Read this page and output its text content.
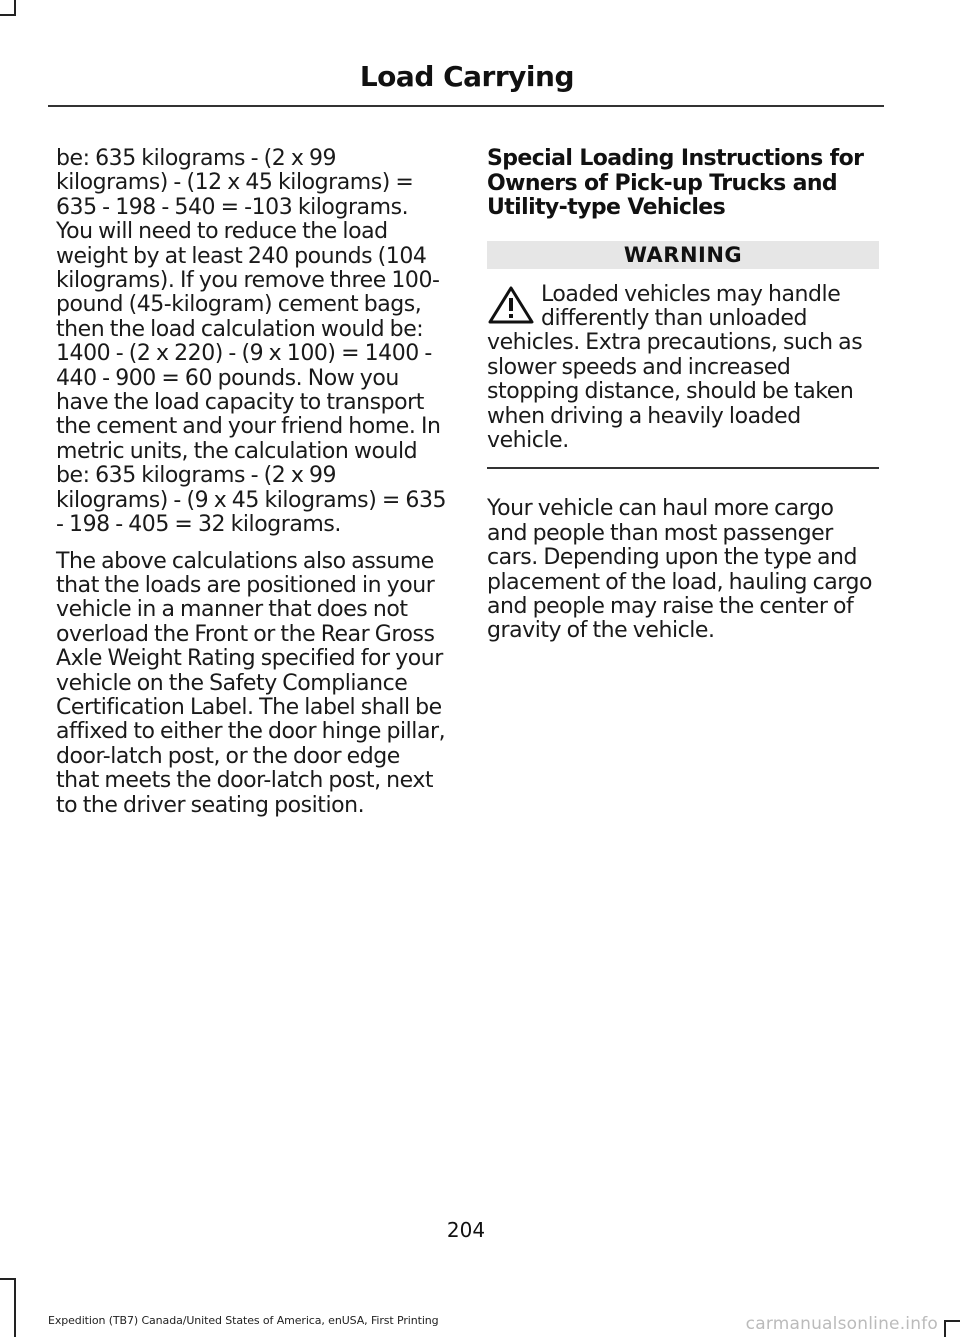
Load Carrying

be: 635 kilograms - (2 x 99 kilograms) - (12 x 45 kilograms) = 635 - 198 - 540 = -103 kilograms. You will need to reduce the load weight by at least 240 pounds (104 kilograms). If you remove three 100-pound (45-kilogram) cement bags, then the load calculation would be: 1400 - (2 x 220) - (9 x 100) = 1400 - 440 - 900 = 60 pounds. Now you have the load capacity to transport the cement and your friend home. In metric units, the calculation would be: 635 kilograms - (2 x 99 kilograms) - (9 x 45 kilograms) = 635 - 198 - 405 = 32 kilograms.

The above calculations also assume that the loads are positioned in your vehicle in a manner that does not overload the Front or the Rear Gross Axle Weight Rating specified for your vehicle on the Safety Compliance Certification Label. The label shall be affixed to either the door hinge pillar, door-latch post, or the door edge that meets the door-latch post, next to the driver seating position.

Special Loading Instructions for Owners of Pick-up Trucks and Utility-type Vehicles
WARNING

Loaded vehicles may handle differently than unloaded vehicles. Extra precautions, such as slower speeds and increased stopping distance, should be taken when driving a heavily loaded vehicle.

Your vehicle can haul more cargo and people than most passenger cars. Depending upon the type and placement of the load, hauling cargo and people may raise the center of gravity of the vehicle.

204
Expedition (TB7) Canada/United States of America, enUSA, First Printing	carmanualsonline.info
